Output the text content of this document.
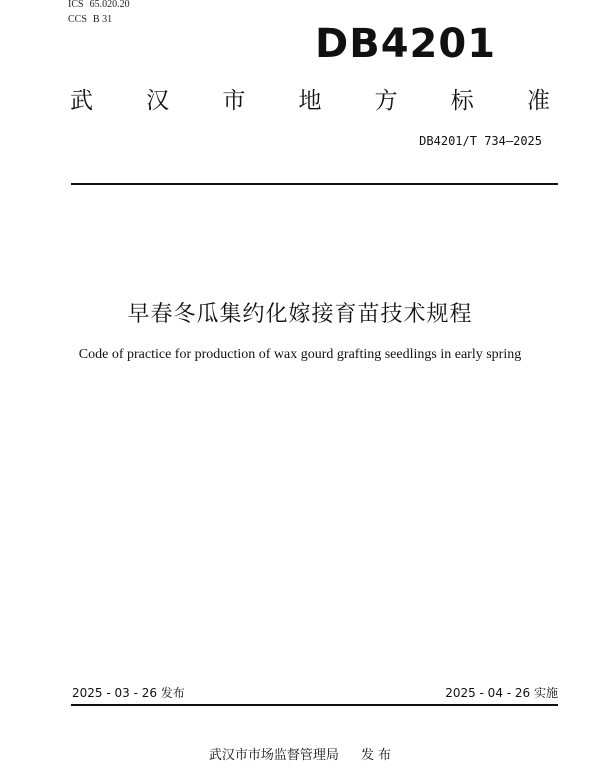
ICS 65.020.20
CCS B 31
DB4201
武 汉 市 地 方 标 准
DB4201/T 734—2025
早春冬瓜集约化嫁接育苗技术规程
Code of practice for production of wax gourd grafting seedlings in early spring
2025 - 03 - 26 发布	2025 - 04 - 26 实施
武汉市市场监督管理局 发 布
